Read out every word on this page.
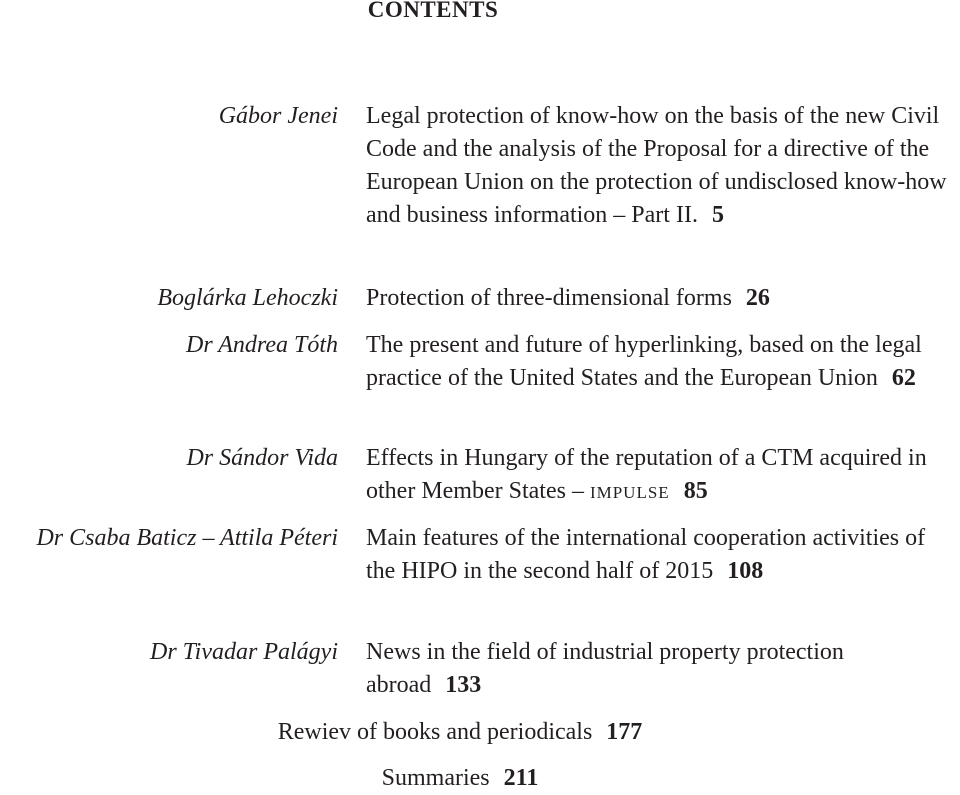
CONTENTS
Gábor Jenei Legal protection of know-how on the basis of the new Civil Code and the analysis of the Proposal for a directive of the European Union on the protection of undisclosed know-how and business information – Part II. 5
Boglárka Lehoczki Protection of three-dimensional forms 26
Dr Andrea Tóth The present and future of hyperlinking, based on the legal practice of the United States and the European Union 62
Dr Sándor Vida Effects in Hungary of the reputation of a CTM acquired in other Member States – impulse 85
Dr Csaba Baticz – Attila Péteri Main features of the international cooperation activities of the HIPO in the second half of 2015 108
Dr Tivadar Palágyi News in the field of industrial property protection abroad 133
Rewiev of books and periodicals 177
Summaries 211
